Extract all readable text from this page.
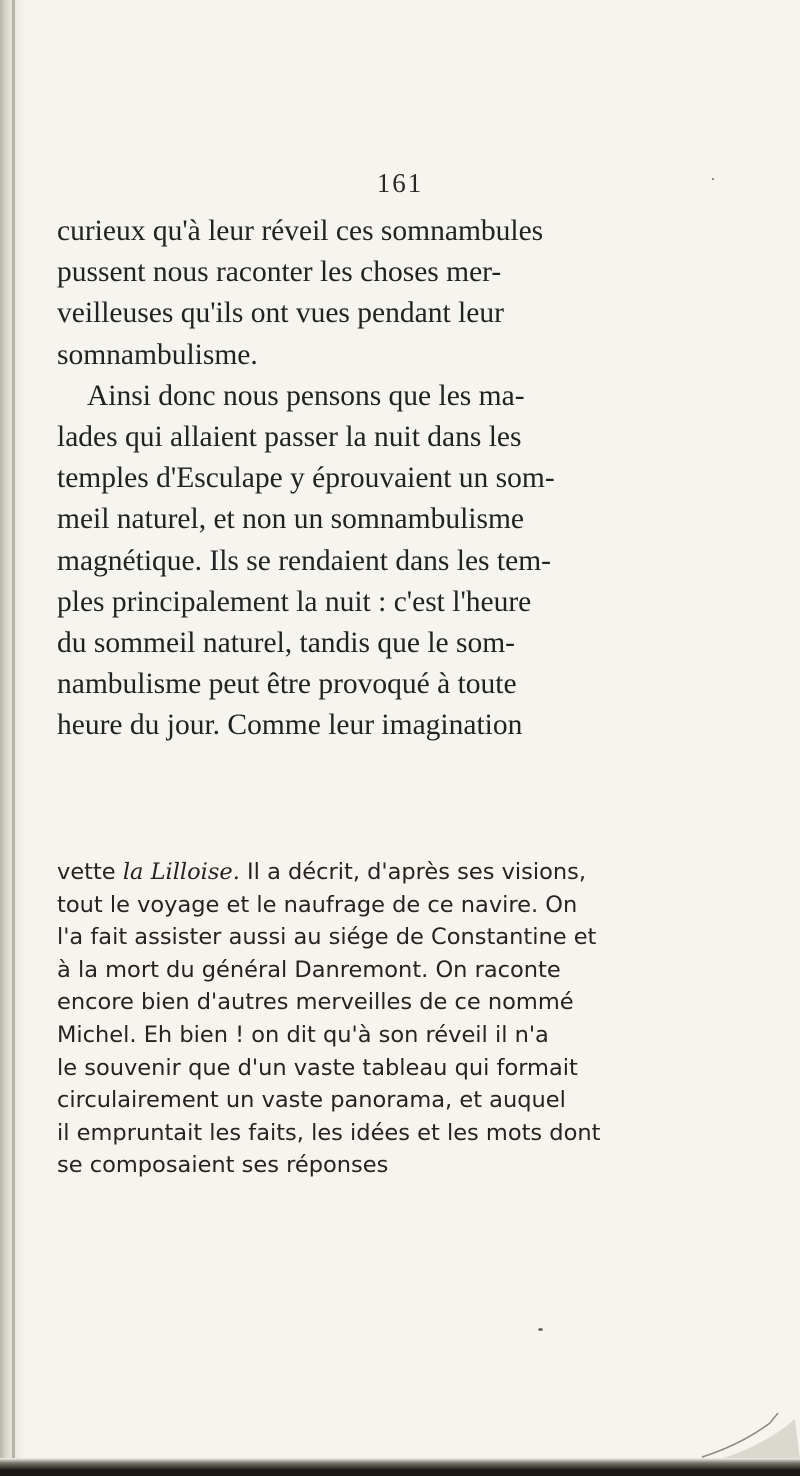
161
curieux qu'à leur réveil ces somnambules
pussent nous raconter les choses mer-
veilleuses qu'ils ont vues pendant leur
somnambulisme.
Ainsi donc nous pensons que les ma-
lades qui allaient passer la nuit dans les
temples d'Esculape y éprouvaient un som-
meil naturel, et non un somnambulisme
magnétique. Ils se rendaient dans les tem-
ples principalement la nuit : c'est l'heure
du sommeil naturel, tandis que le som-
nambulisme peut être provoqué à toute
heure du jour. Comme leur imagination
vette la Lilloise. Il a décrit, d'après ses visions,
tout le voyage et le naufrage de ce navire. On
l'a fait assister aussi au siége de Constantine et
à la mort du général Danremont. On raconte
encore bien d'autres merveilles de ce nommé
Michel. Eh bien ! on dit qu'à son réveil il n'a
le souvenir que d'un vaste tableau qui formait
circulairement un vaste panorama, et auquel
il empruntait les faits, les idées et les mots dont
se composaient ses réponses
